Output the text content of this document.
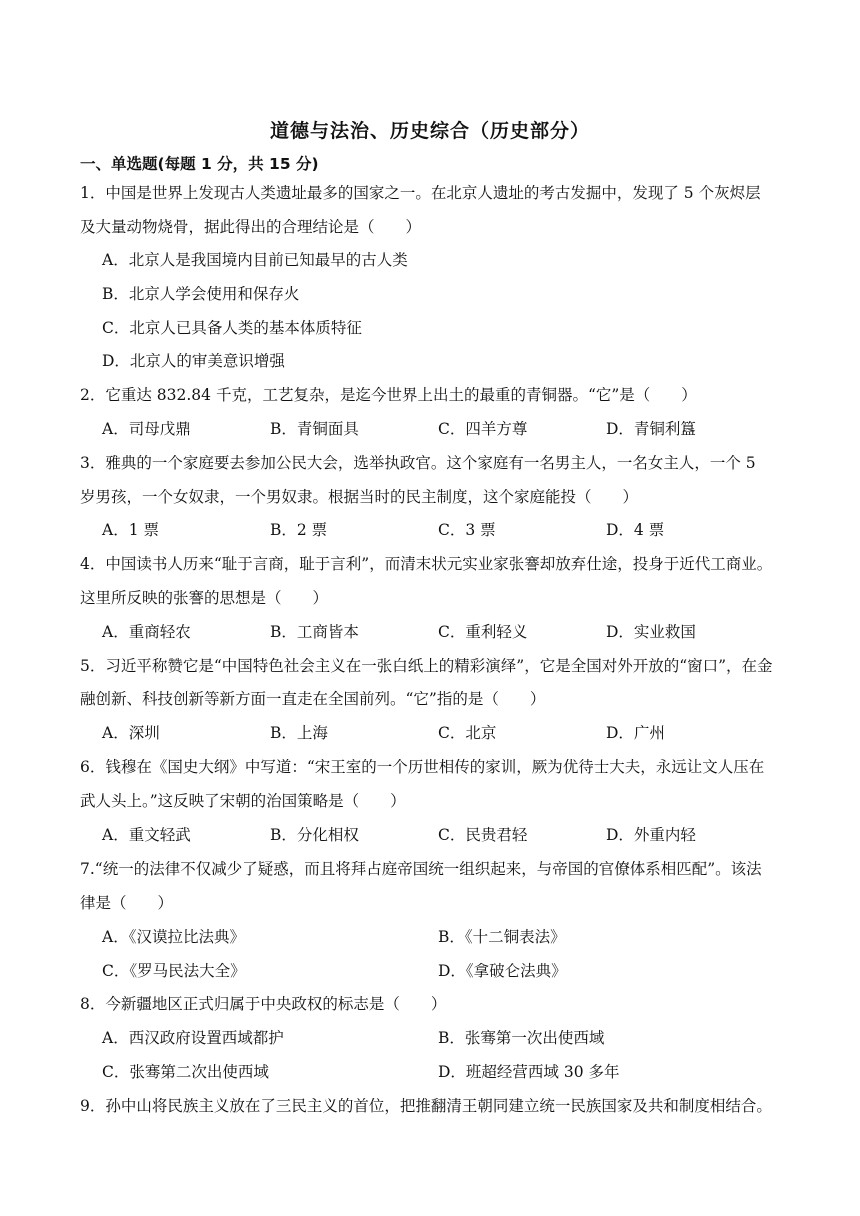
道德与法治、历史综合（历史部分）
一、单选题(每题 1 分，共 15 分)
1．中国是世界上发现古人类遗址最多的国家之一。在北京人遗址的考古发掘中，发现了 5 个灰烬层
及大量动物烧骨，据此得出的合理结论是（　　）
A．北京人是我国境内目前已知最早的古人类
B．北京人学会使用和保存火
C．北京人已具备人类的基本体质特征
D．北京人的审美意识增强
2．它重达 832.84 千克，工艺复杂，是迄今世界上出土的最重的青铜器。“它”是（　　）
A．司母戊鼎	B．青铜面具	C．四羊方尊	D．青铜利簋
3．雅典的一个家庭要去参加公民大会，选举执政官。这个家庭有一名男主人，一名女主人，一个 5
岁男孩，一个女奴隶，一个男奴隶。根据当时的民主制度，这个家庭能投（　　）
A．1 票	B．2 票	C．3 票	D．4 票
4．中国读书人历来“耻于言商，耻于言利”，而清末状元实业家张謇却放弃仕途，投身于近代工商业。
这里所反映的张謇的思想是（　　）
A．重商轻农	B．工商皆本	C．重利轻义	D．实业救国
5．习近平称赞它是“中国特色社会主义在一张白纸上的精彩演绎”，它是全国对外开放的“窗口”，在金
融创新、科技创新等新方面一直走在全国前列。“它”指的是（　　）
A．深圳	B．上海	C．北京	D．广州
6．钱穆在《国史大纲》中写道：“宋王室的一个历世相传的家训，厥为优待士大夫，永远让文人压在
武人头上。”这反映了宋朝的治国策略是（　　）
A．重文轻武	B．分化相权	C．民贵君轻	D．外重内轻
7.“统一的法律不仅减少了疑惑，而且将拜占庭帝国统一组织起来，与帝国的官僚体系相匹配”。该法
律是（　　）
A．《汉谟拉比法典》	B．《十二铜表法》
C．《罗马民法大全》	D．《拿破仑法典》
8．今新疆地区正式归属于中央政权的标志是（　　）
A．西汉政府设置西域都护	B．张骞第一次出使西域
C．张骞第二次出使西域	D．班超经营西域 30 多年
9．孙中山将民族主义放在了三民主义的首位，把推翻清王朝同建立统一民族国家及共和制度相结合。
